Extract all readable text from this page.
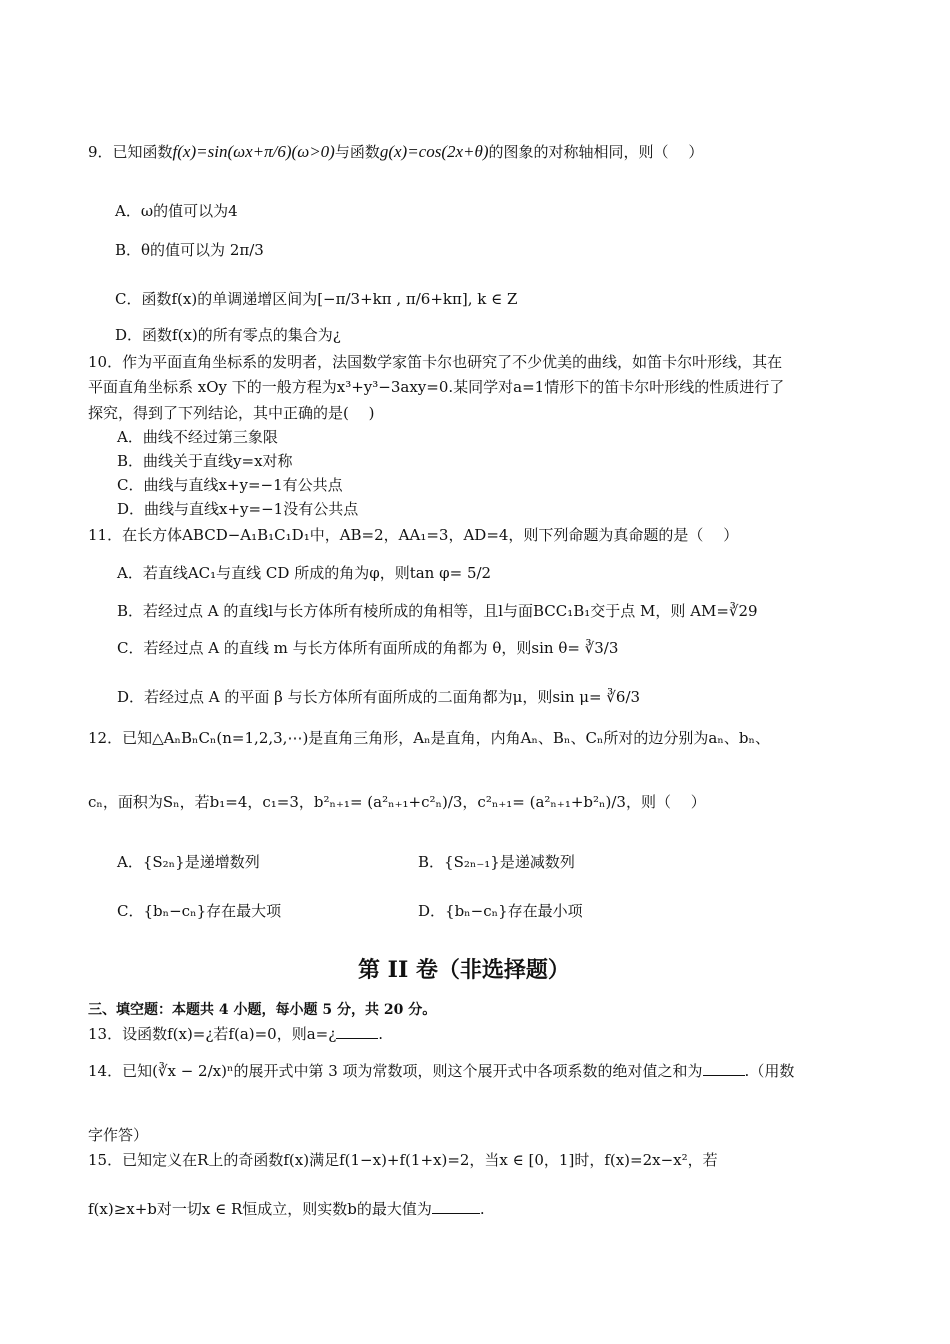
9．已知函数f(x)=sin(ωx+π/6)(ω>0)与函数g(x)=cos(2x+θ)的图象的对称轴相同，则（　 ）
A．ω的值可以为4
B．θ的值可以为 2π/3
C．函数f(x)的单调递增区间为[−π/3+kπ , π/6+kπ], k ∈ Z
D．函数f(x)的所有零点的集合为¿
10．作为平面直角坐标系的发明者，法国数学家笛卡尔也研究了不少优美的曲线，如笛卡尔叶形线，其在
平面直角坐标系 xOy 下的一般方程为x³+y³−3axy=0.某同学对a=1情形下的笛卡尔叶形线的性质进行了
探究，得到了下列结论，其中正确的是(　 )
A．曲线不经过第三象限
B．曲线关于直线y=x对称
C．曲线与直线x+y=−1有公共点
D．曲线与直线x+y=−1没有公共点
11．在长方体ABCD−A₁B₁C₁D₁中，AB=2，AA₁=3，AD=4，则下列命题为真命题的是（　 ）
A．若直线AC₁与直线 CD 所成的角为φ，则tan φ= 5/2
B．若经过点 A 的直线l与长方体所有棱所成的角相等，且l与面BCC₁B₁交于点 M，则 AM=∛29
C．若经过点 A 的直线 m 与长方体所有面所成的角都为 θ，则sin θ= ∛3/3
D．若经过点 A 的平面 β 与长方体所有面所成的二面角都为μ，则sin μ= ∛6/3
12．已知△AₙBₙCₙ(n=1,2,3,⋯)是直角三角形，Aₙ是直角，内角Aₙ、Bₙ、Cₙ所对的边分别为aₙ、bₙ、
cₙ，面积为Sₙ，若b₁=4，c₁=3，b²ₙ₊₁= (a²ₙ₊₁+c²ₙ)/3，c²ₙ₊₁= (a²ₙ₊₁+b²ₙ)/3，则（　 ）
A．{S₂ₙ}是递增数列	B．{S₂ₙ₋₁}是递减数列
C．{bₙ−cₙ}存在最大项	D．{bₙ−cₙ}存在最小项
第 II 卷（非选择题）
三、填空题：本题共 4 小题，每小题 5 分，共 20 分。
13．设函数f(x)=¿若f(a)=0，则a=¿	.
14．已知(∛x − 2/x)ⁿ的展开式中第 3 项为常数项，则这个展开式中各项系数的绝对值之和为	.（用数
字作答）
15．已知定义在R上的奇函数f(x)满足f(1−x)+f(1+x)=2，当x ∈ [0，1]时，f(x)=2x−x²，若
f(x)≥x+b对一切x ∈ R恒成立，则实数b的最大值为	.
